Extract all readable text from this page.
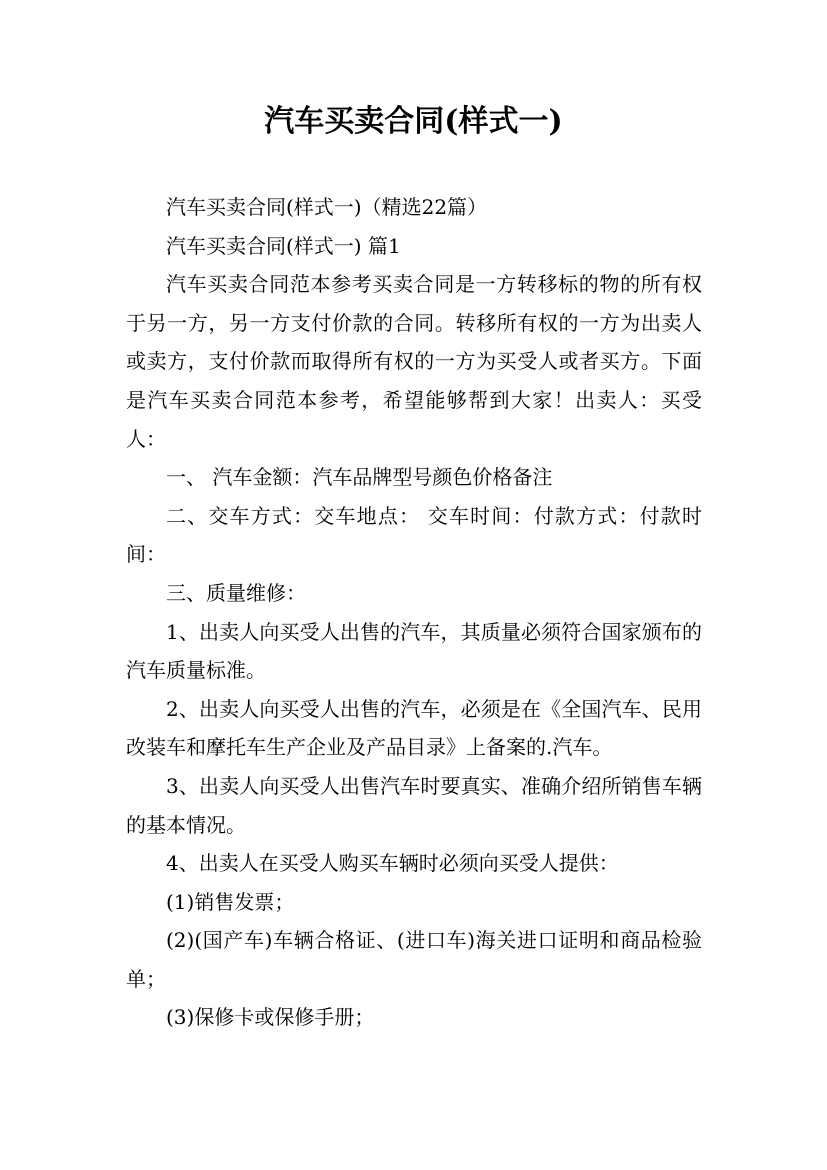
汽车买卖合同(样式一)

汽车买卖合同(样式一)（精选22篇）

汽车买卖合同(样式一) 篇1

汽车买卖合同范本参考买卖合同是一方转移标的物的所有权于另一方，另一方支付价款的合同。转移所有权的一方为出卖人或卖方，支付价款而取得所有权的一方为买受人或者买方。下面是汽车买卖合同范本参考，希望能够帮到大家！出卖人：买受人：

一、 汽车金额：汽车品牌型号颜色价格备注

二、交车方式：交车地点： 交车时间：付款方式：付款时间：

三、质量维修：

1、出卖人向买受人出售的汽车，其质量必须符合国家颁布的汽车质量标准。

2、出卖人向买受人出售的汽车，必须是在《全国汽车、民用改装车和摩托车生产企业及产品目录》上备案的.汽车。

3、出卖人向买受人出售汽车时要真实、准确介绍所销售车辆的基本情况。

4、出卖人在买受人购买车辆时必须向买受人提供：

(1)销售发票；

(2)(国产车)车辆合格证、(进口车)海关进口证明和商品检验单；

(3)保修卡或保修手册；
